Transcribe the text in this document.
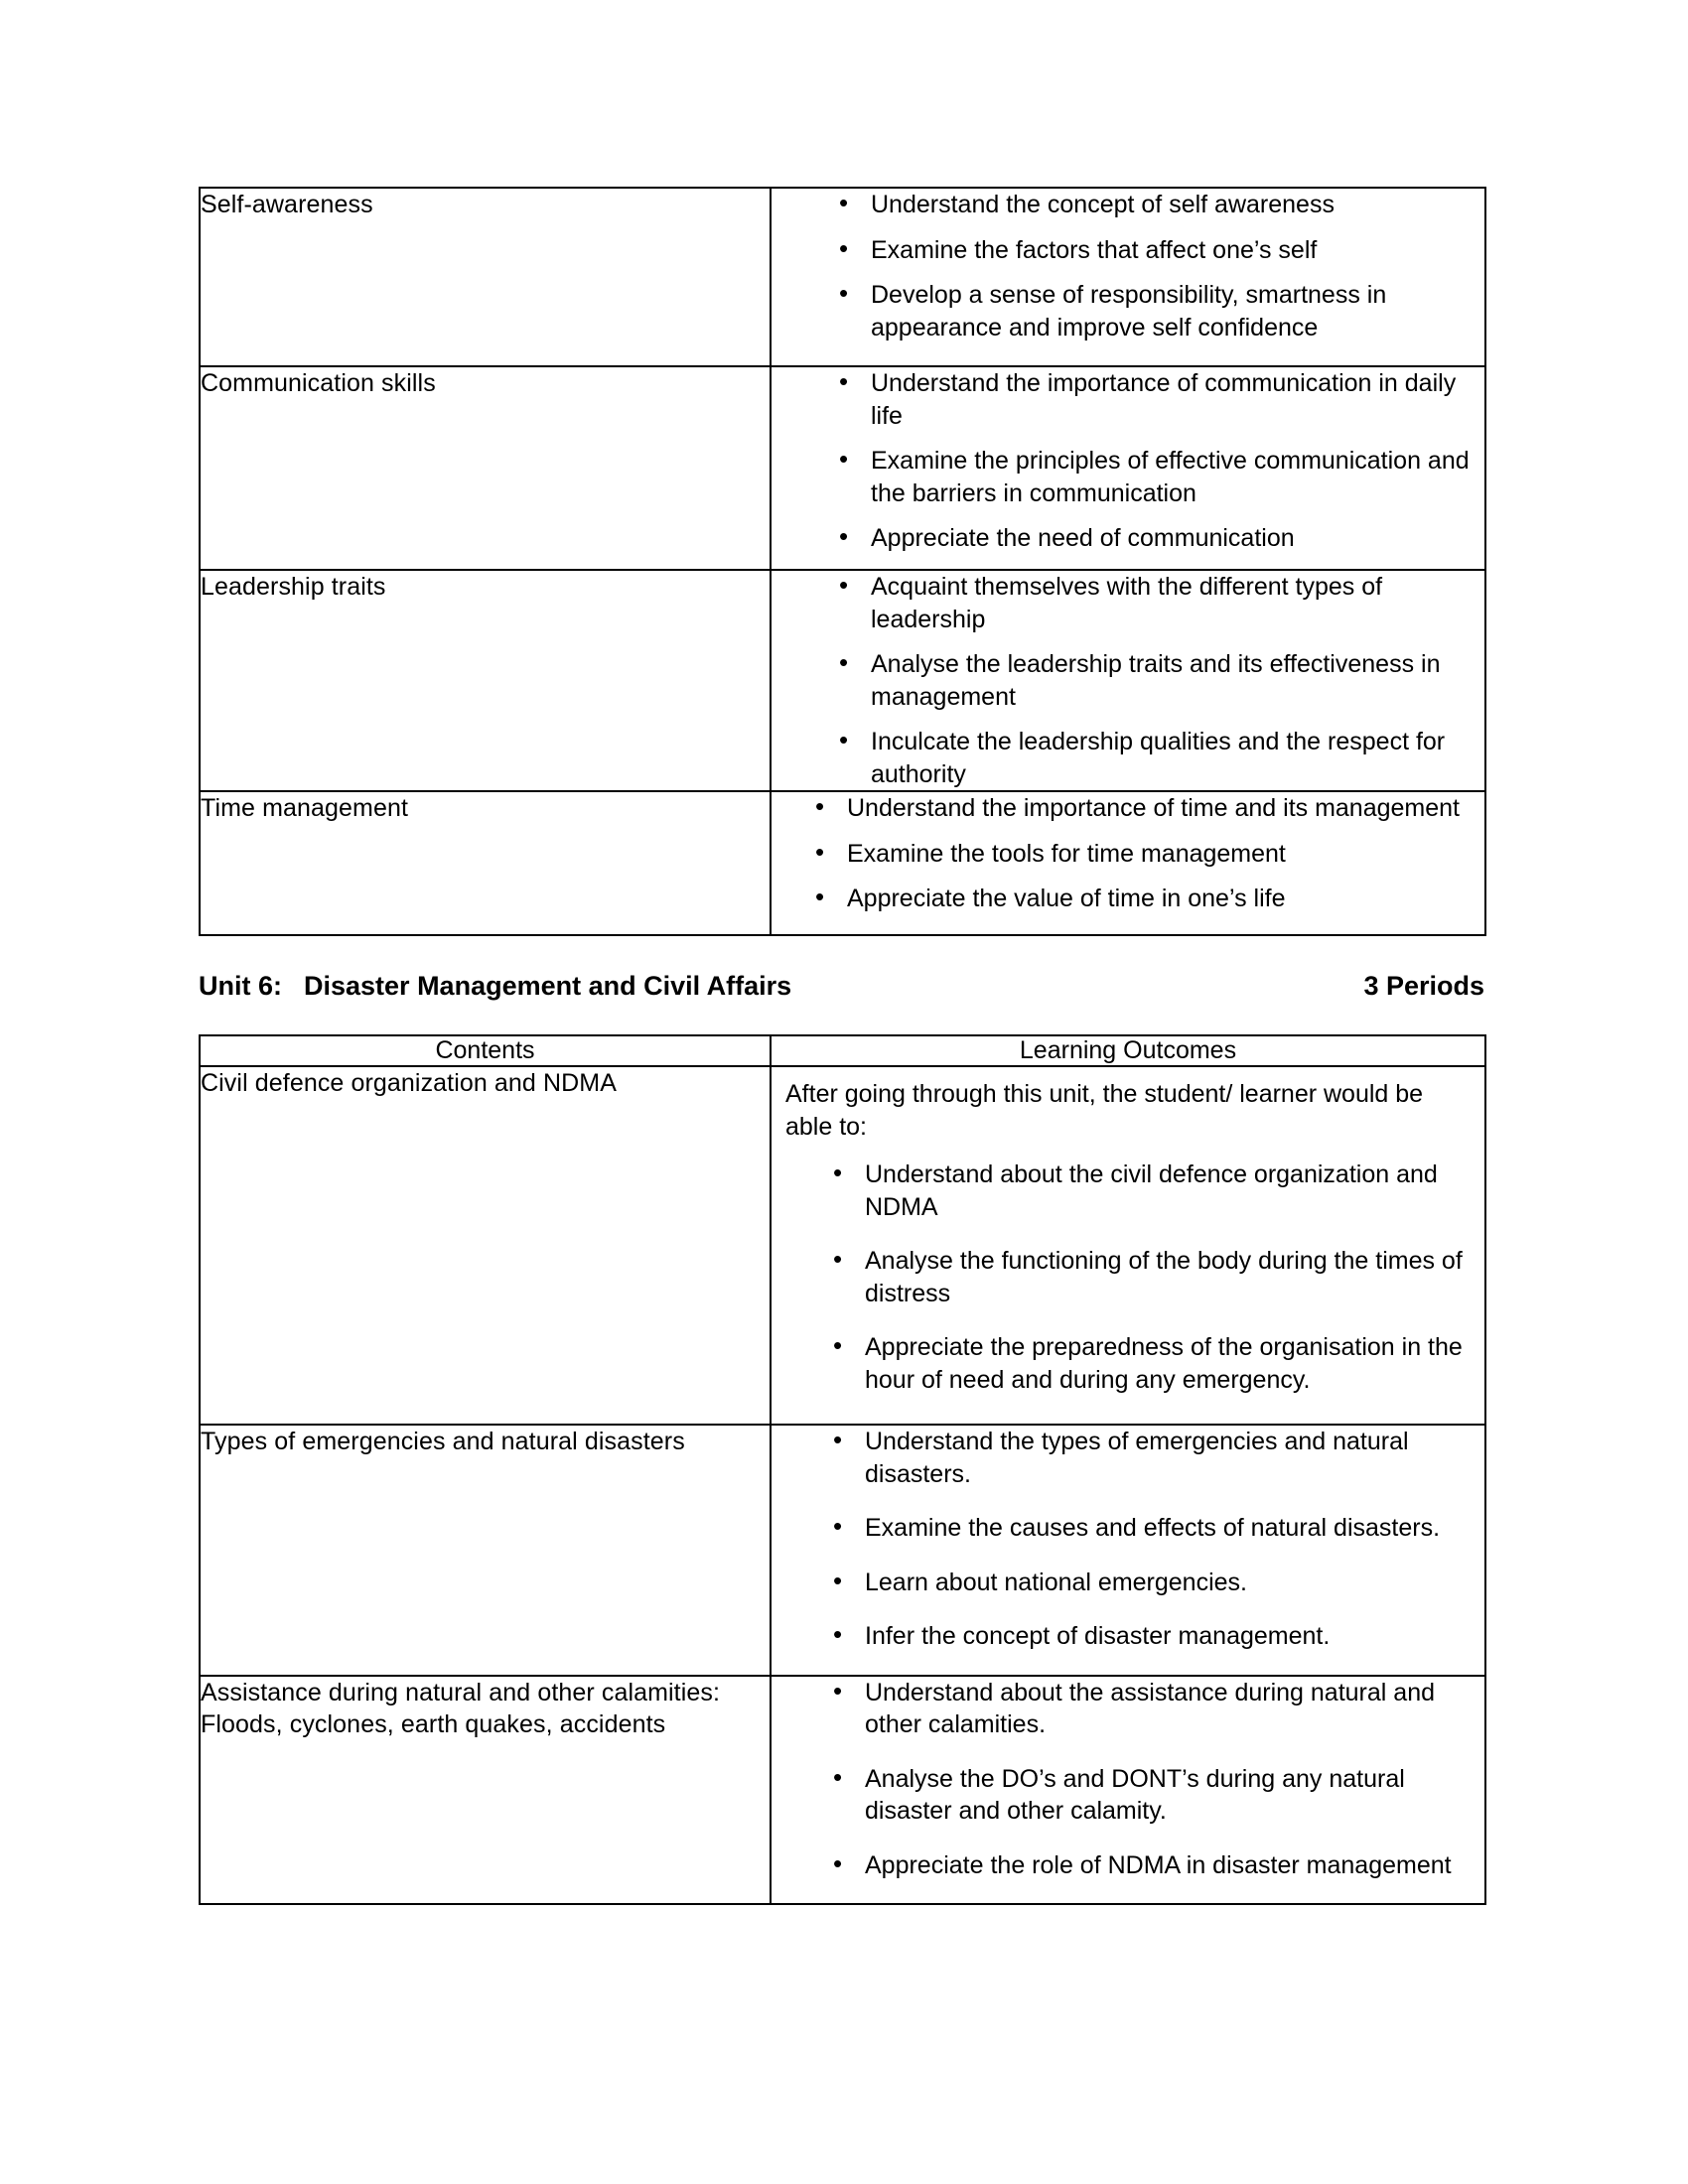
Self-awareness	
•Understand the concept of self awareness
• Examine the factors that affect one’s self
• Develop a sense of responsibility, smartness in appearance and improve self confidence

Communication skills	
•Understand the importance of communication in daily life
• Examine the principles of effective communication and the barriers in communication
• Appreciate the need of communication

Leadership traits	
•Acquaint themselves with the different types of leadership
• Analyse the leadership traits and its effectiveness in management
• Inculcate the leadership qualities and the respect for authority

Time management	
•Understand the importance of time and its management
• Examine the tools for time management
• Appreciate the value of time in one’s life
Unit 6: Disaster Management and Civil Affairs	3 Periods
Contents	Learning Outcomes
Civil defence organization and NDMA	After going through this unit, the student/ learner would be able to:
• Understand about the civil defence organization and NDMA
• Analyse the functioning of the body during the times of distress
• Appreciate the preparedness of the organisation in the hour of need and during any emergency.

Types of emergencies and natural disasters	
•Understand the types of emergencies and natural disasters.
• Examine the causes and effects of natural disasters.
• Learn about national emergencies.
• Infer the concept of disaster management.

Assistance during natural and other calamities: Floods, cyclones, earth quakes, accidents	
• Understand about the assistance during natural and other calamities.
• Analyse the DO’s and DONT’s during any natural disaster and other calamity.
• Appreciate the role of NDMA in disaster management
